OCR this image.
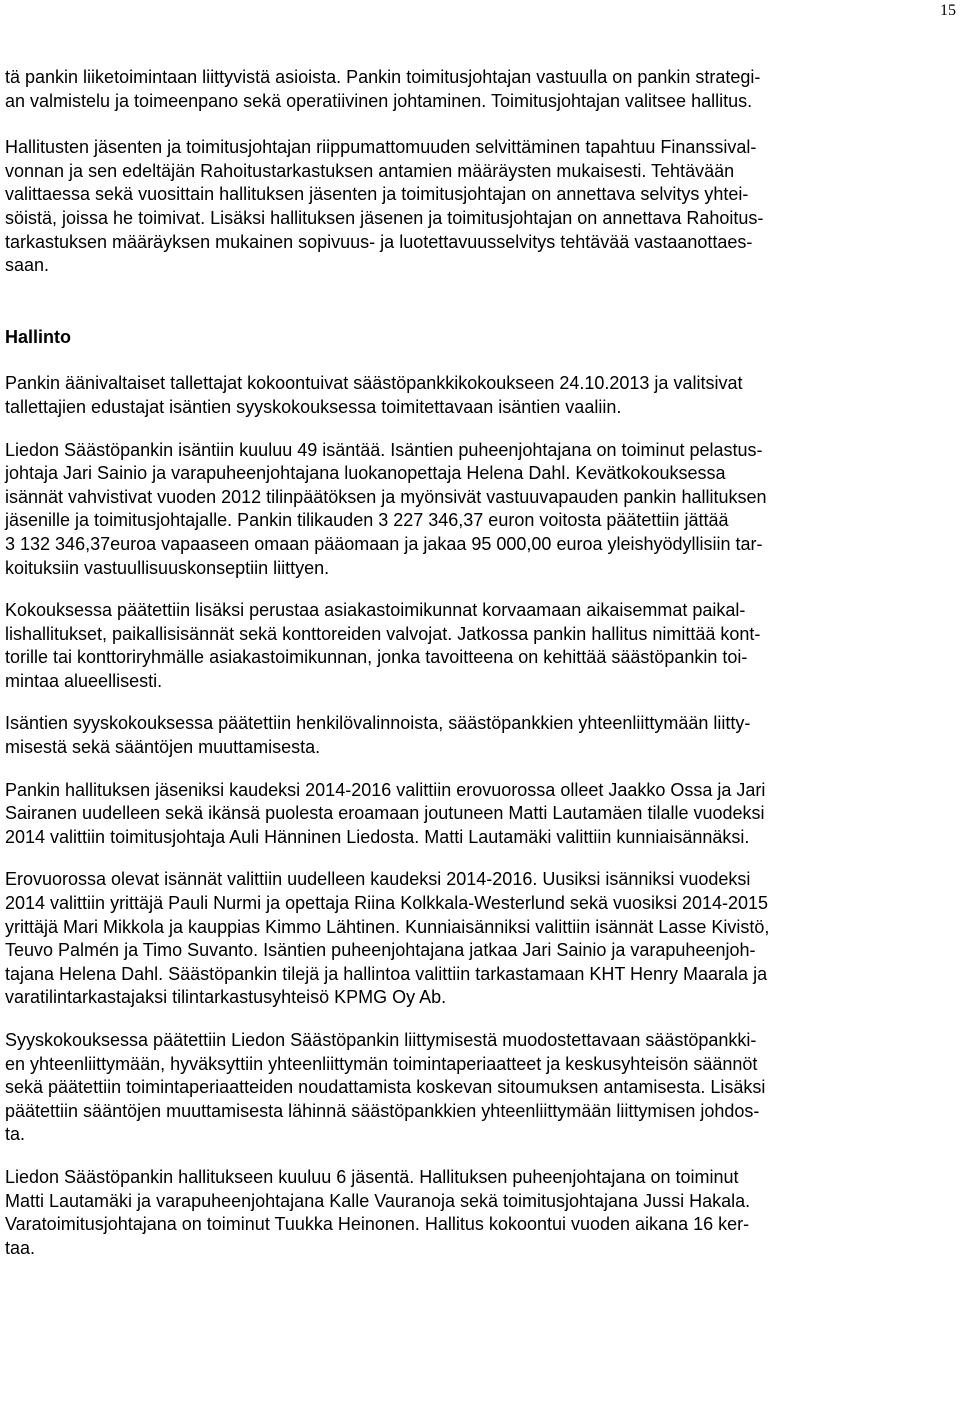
15
tä pankin liiketoimintaan liittyvistä asioista. Pankin toimitusjohtajan vastuulla on pankin strategi-
an valmistelu ja toimeenpano sekä operatiivinen johtaminen. Toimitusjohtajan valitsee hallitus.
Hallitusten jäsenten ja toimitusjohtajan riippumattomuuden selvittäminen tapahtuu Finanssival-
vonnan ja sen edeltäjän Rahoitustarkastuksen antamien määräysten mukaisesti. Tehtävään
valittaessa sekä vuosittain hallituksen jäsenten ja toimitusjohtajan on annettava selvitys yhtei-
söistä, joissa he toimivat. Lisäksi hallituksen jäsenen ja toimitusjohtajan on annettava Rahoitus-
tarkastuksen määräyksen mukainen sopivuus- ja luotettavuusselvitys tehtävää vastaanottaes-
saan.
Hallinto
Pankin äänivaltaiset tallettajat kokoontuivat säästöpankkikokoukseen 24.10.2013 ja valitsivat
tallettajien edustajat isäntien syyskokouksessa toimitettavaan isäntien vaaliin.
Liedon Säästöpankin isäntiin kuuluu 49 isäntää. Isäntien puheenjohtajana on toiminut pelastus-
johtaja Jari Sainio ja varapuheenjohtajana luokanopettaja Helena Dahl. Kevätkokouksessa
isännät vahvistivat vuoden 2012 tilinpäätöksen ja myönsivät vastuuvapauden pankin hallituksen
jäsenille ja toimitusjohtajalle. Pankin tilikauden 3 227 346,37 euron voitosta päätettiin jättää
3 132 346,37euroa vapaaseen omaan pääomaan ja jakaa 95 000,00 euroa yleishyödyllisiin tar-
koituksiin vastuullisuuskonseptiin liittyen.
Kokouksessa päätettiin lisäksi perustaa asiakastoimikunnat korvaamaan aikaisemmat paikal-
lishallitukset, paikallisisännät sekä konttoreiden valvojat. Jatkossa pankin hallitus nimittää kont-
torille tai konttoriryhmälle asiakastoimikunnan, jonka tavoitteena on kehittää säästöpankin toi-
mintaa alueellisesti.
Isäntien syyskokouksessa päätettiin henkilövalinnoista, säästöpankkien yhteenliittymään liitty-
misestä sekä sääntöjen muuttamisesta.
Pankin hallituksen jäseniksi kaudeksi 2014-2016 valittiin erovuorossa olleet Jaakko Ossa ja Jari
Sairanen uudelleen sekä ikänsä puolesta eroamaan joutuneen Matti Lautamäen tilalle vuodeksi
2014 valittiin toimitusjohtaja Auli Hänninen Liedosta. Matti Lautamäki valittiin kunniaisännäksi.
Erovuorossa olevat isännät valittiin uudelleen kaudeksi 2014-2016. Uusiksi isänniksi vuodeksi
2014 valittiin yrittäjä Pauli Nurmi ja opettaja Riina Kolkkala-Westerlund sekä vuosiksi 2014-2015
yrittäjä Mari Mikkola ja kauppias Kimmo Lähtinen. Kunniaisänniksi valittiin isännät Lasse Kivistö,
Teuvo Palmén ja Timo Suvanto. Isäntien puheenjohtajana jatkaa Jari Sainio ja varapuheenjoh-
tajana Helena Dahl. Säästöpankin tilejä ja hallintoa valittiin tarkastamaan KHT Henry Maarala ja
varatilintarkastajaksi tilintarkastusyhteisö KPMG Oy Ab.
Syyskokouksessa päätettiin Liedon Säästöpankin liittymisestä muodostettavaan säästöpankki-
en yhteenliittymään, hyväksyttiin yhteenliittymän toimintaperiaatteet ja keskusyhteisön säännöt
sekä päätettiin toimintaperiaatteiden noudattamista koskevan sitoumuksen antamisesta. Lisäksi
päätettiin sääntöjen muuttamisesta lähinnä säästöpankkien yhteenliittymään liittymisen johdos-
ta.
Liedon Säästöpankin hallitukseen kuuluu 6 jäsentä. Hallituksen puheenjohtajana on toiminut
Matti Lautamäki ja varapuheenjohtajana Kalle Vauranoja sekä toimitusjohtajana Jussi Hakala.
Varatoimitusjohtajana on toiminut Tuukka Heinonen. Hallitus kokoontui vuoden aikana 16 ker-
taa.
